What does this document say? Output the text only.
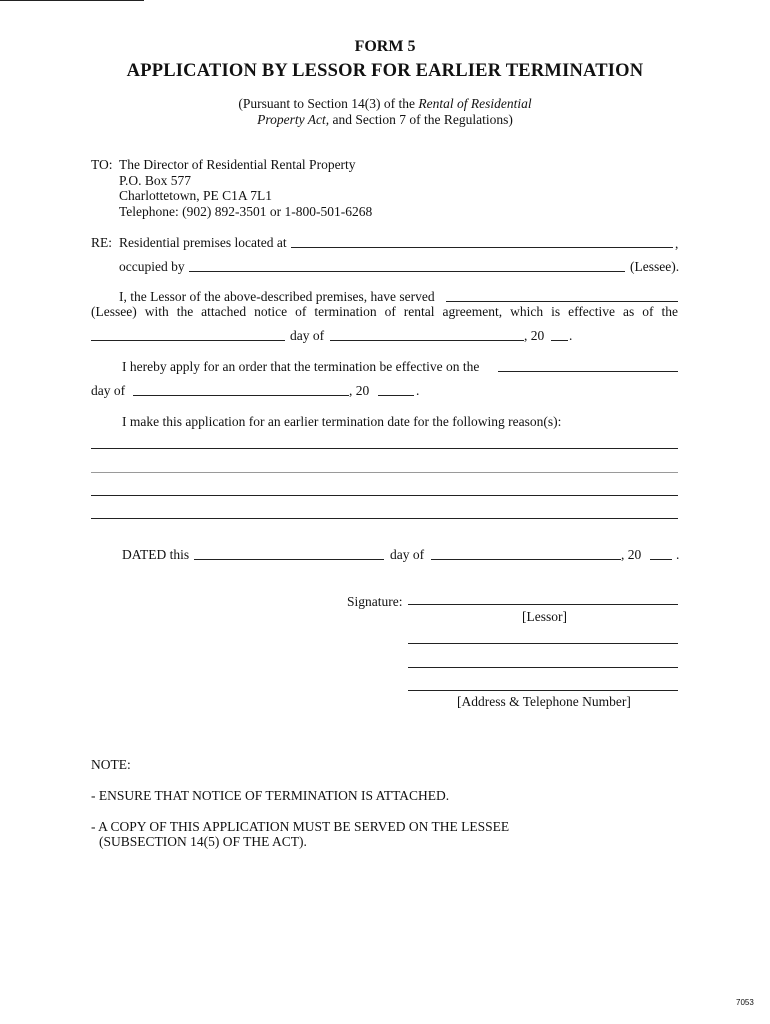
FORM 5
APPLICATION BY LESSOR FOR EARLIER TERMINATION
(Pursuant to Section 14(3) of the Rental of Residential
Property Act, and Section 7 of the Regulations)
TO: The Director of Residential Rental Property
P.O. Box 577
Charlottetown, PE C1A 7L1
Telephone: (902) 892-3501 or 1-800-501-6268
RE: Residential premises located at	,
occupied by	(Lessee).
I, the Lessor of the above-described premises, have served
(Lessee) with the attached notice of termination of rental agreement, which is effective as of the
day of	, 20 .
I hereby apply for an order that the termination be effective on the
day of	, 20	.
I make this application for an earlier termination date for the following reason(s):
DATED this	day of	, 20	.
Signature:
[Lessor]
[Address & Telephone Number]
NOTE:
- ENSURE THAT NOTICE OF TERMINATION IS ATTACHED.
- A COPY OF THIS APPLICATION MUST BE SERVED ON THE LESSEE
(SUBSECTION 14(5) OF THE ACT).
7053
